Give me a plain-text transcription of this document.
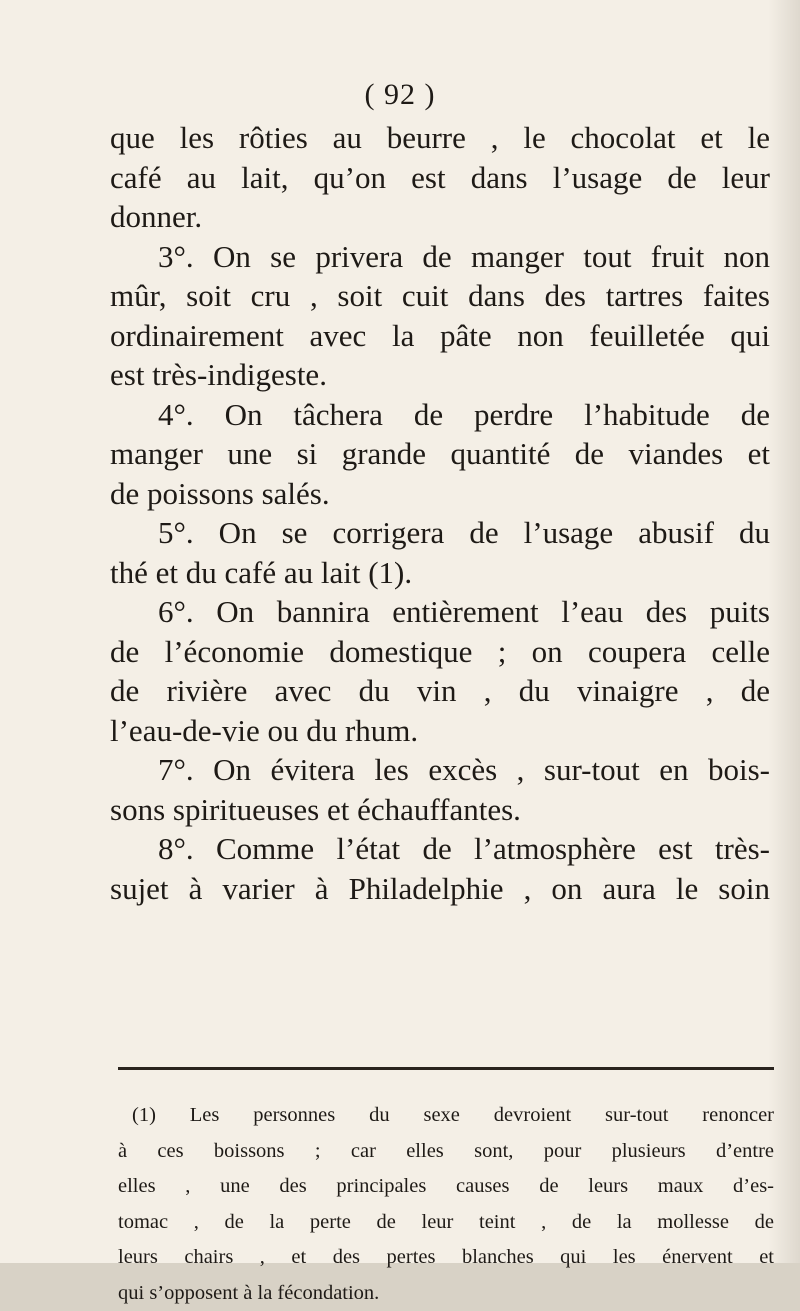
( 92 )
que les rôties au beurre , le chocolat et le
café au lait, qu’on est dans l’usage de leur
donner.
3°. On se privera de manger tout fruit non
mûr, soit cru , soit cuit dans des tartres faites
ordinairement avec la pâte non feuilletée qui
est très-indigeste.
4°. On tâchera de perdre l’habitude de
manger une si grande quantité de viandes et
de poissons salés.
5°. On se corrigera de l’usage abusif du
thé et du café au lait (1).
6°. On bannira entièrement l’eau des puits
de l’économie domestique ; on coupera celle
de rivière avec du vin , du vinaigre , de
l’eau-de-vie ou du rhum.
7°. On évitera les excès , sur-tout en bois-
sons spiritueuses et échauffantes.
8°. Comme l’état de l’atmosphère est très-
sujet à varier à Philadelphie , on aura le soin
(1) Les personnes du sexe devroient sur-tout renoncer
à ces boissons ; car elles sont, pour plusieurs d’entre
elles , une des principales causes de leurs maux d’es-
tomac , de la perte de leur teint , de la mollesse de
leurs chairs , et des pertes blanches qui les énervent et
qui s’opposent à la fécondation.
